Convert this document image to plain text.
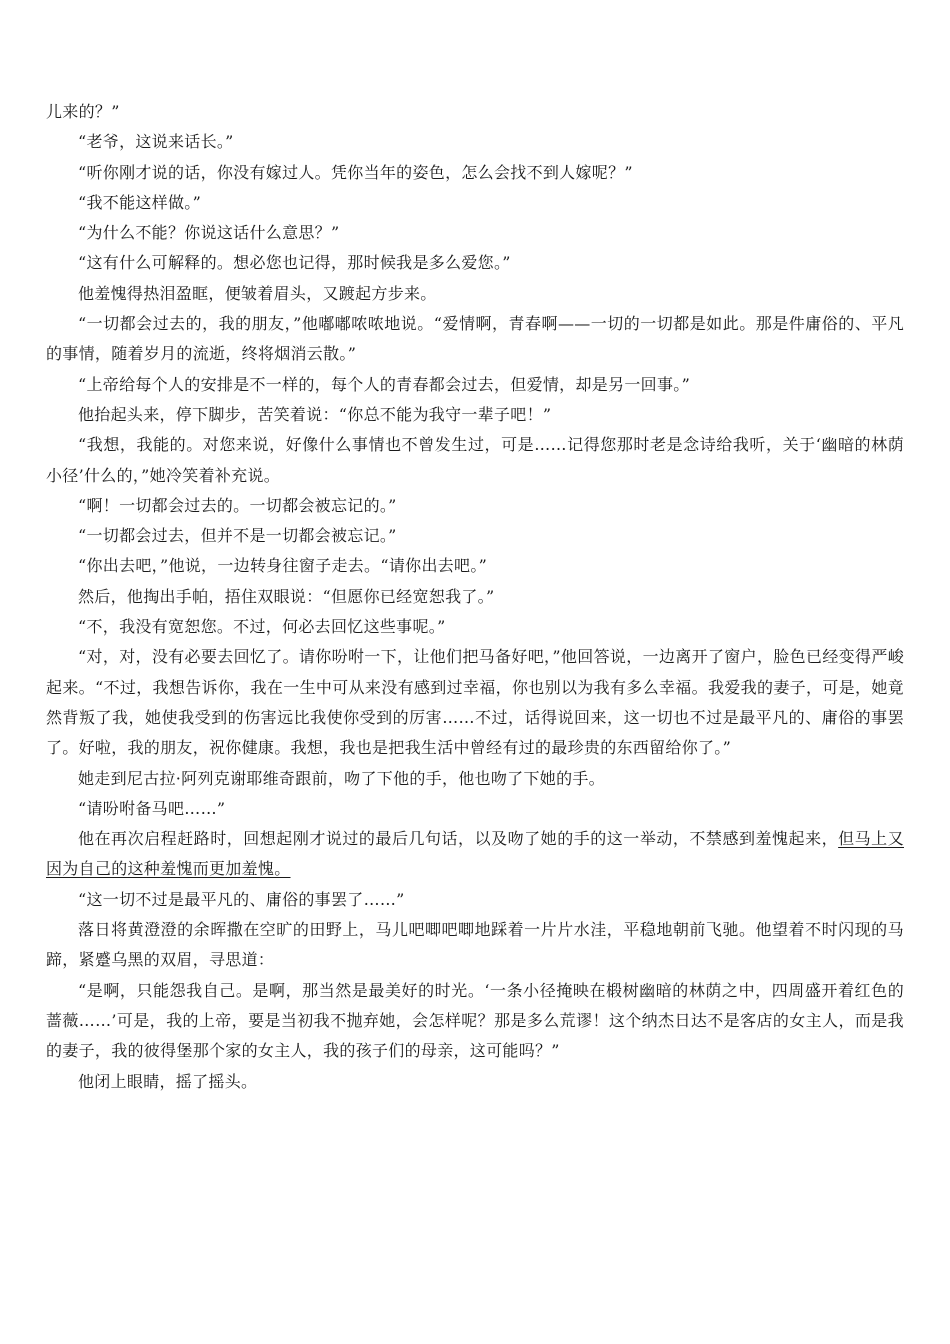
儿来的？”

“老爷，这说来话长。”

“听你刚才说的话，你没有嫁过人。凭你当年的姿色，怎么会找不到人嫁呢？”

“我不能这样做。”

“为什么不能？你说这话什么意思？”

“这有什么可解释的。想必您也记得，那时候我是多么爱您。”

他羞愧得热泪盈眶，便皱着眉头，又踱起方步来。

“一切都会过去的，我的朋友，”他嘟嘟哝哝地说。“爱情啊，青春啊——一切的一切都是如此。那是件庸俗的、平凡的事情，随着岁月的流逝，终将烟消云散。”

“上帝给每个人的安排是不一样的，每个人的青春都会过去，但爱情，却是另一回事。”

他抬起头来，停下脚步，苦笑着说：“你总不能为我守一辈子吧！”

“我想，我能的。对您来说，好像什么事情也不曾发生过，可是……记得您那时老是念诗给我听，关于‘幽暗的林荫小径’什么的，”她冷笑着补充说。

“啊！一切都会过去的。一切都会被忘记的。”

“一切都会过去，但并不是一切都会被忘记。”

“你出去吧，”他说，一边转身往窗子走去。“请你出去吧。”

然后，他掏出手帕，捂住双眼说：“但愿你已经宽恕我了。”

“不，我没有宽恕您。不过，何必去回忆这些事呢。”

“对，对，没有必要去回忆了。请你吩咐一下，让他们把马备好吧，”他回答说，一边离开了窗户，脸色已经变得严峻起来。“不过，我想告诉你，我在一生中可从来没有感到过幸福，你也别以为我有多么幸福。我爱我的妻子，可是，她竟然背叛了我，她使我受到的伤害远比我使你受到的厉害……不过，话得说回来，这一切也不过是最平凡的、庸俗的事罢了。好啦，我的朋友，祝你健康。我想，我也是把我生活中曾经有过的最珍贵的东西留给你了。”

她走到尼古拉·阿列克谢耶维奇跟前，吻了下他的手，他也吻了下她的手。

“请吩咐备马吧……”

他在再次启程赶路时，回想起刚才说过的最后几句话，以及吻了她的手的这一举动，不禁感到羞愧起来，但马上又因为自己的这种羞愧而更加羞愧。

“这一切不过是最平凡的、庸俗的事罢了……”

落日将黄澄澄的余晖撒在空旷的田野上，马儿吧唧吧唧地踩着一片片水洼，平稳地朝前飞驰。他望着不时闪现的马蹄，紧蹙乌黑的双眉，寻思道：

“是啊，只能怨我自己。是啊，那当然是最美好的时光。‘一条小径掩映在椴树幽暗的林荫之中，四周盛开着红色的蔷薇……’可是，我的上帝，要是当初我不抛弃她，会怎样呢？那是多么荒谬！这个纳杰日达不是客店的女主人，而是我的妻子，我的彼得堡那个家的女主人，我的孩子们的母亲，这可能吗？”

他闭上眼睛，摇了摇头。
